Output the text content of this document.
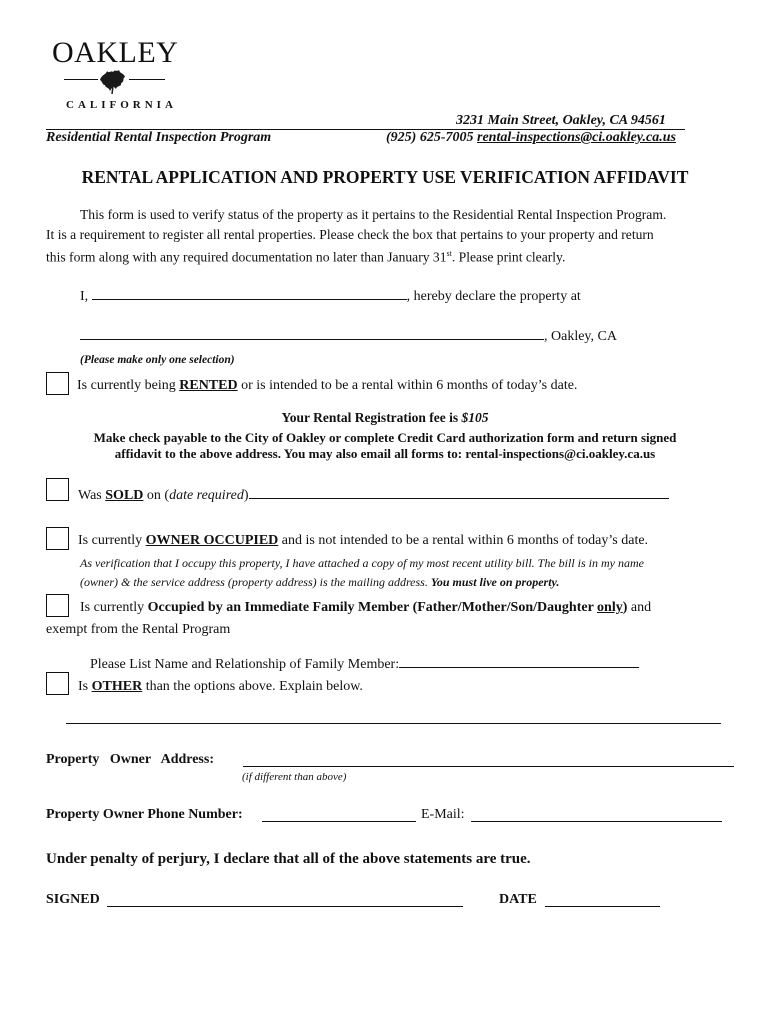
OAKLEY
CALIFORNIA
3231 Main Street, Oakley, CA 94561
Residential Rental Inspection Program	(925) 625-7005 rental-inspections@ci.oakley.ca.us
RENTAL APPLICATION AND PROPERTY USE VERIFICATION AFFIDAVIT
This form is used to verify status of the property as it pertains to the Residential Rental Inspection Program.
It is a requirement to register all rental properties. Please check the box that pertains to your property and return
this form along with any required documentation no later than January 31st. Please print clearly.
I,	, hereby declare the property at
, Oakley, CA
(Please make only one selection)
Is currently being RENTED or is intended to be a rental within 6 months of today’s date.
Your Rental Registration fee is $105
Make check payable to the City of Oakley or complete Credit Card authorization form and return signed
affidavit to the above address. You may also email all forms to: rental-inspections@ci.oakley.ca.us
Was SOLD on (date required)
Is currently OWNER OCCUPIED and is not intended to be a rental within 6 months of today’s date.
As verification that I occupy this property, I have attached a copy of my most recent utility bill. The bill is in my name
(owner) & the service address (property address) is the mailing address. You must live on property.
Is currently Occupied by an Immediate Family Member (Father/Mother/Son/Daughter only) and
exempt from the Rental Program
Please List Name and Relationship of Family Member:
Is OTHER than the options above. Explain below.
Property   Owner   Address:
(if different than above)
Property Owner Phone Number:	E-Mail:
Under penalty of perjury, I declare that all of the above statements are true.
SIGNED	DATE
